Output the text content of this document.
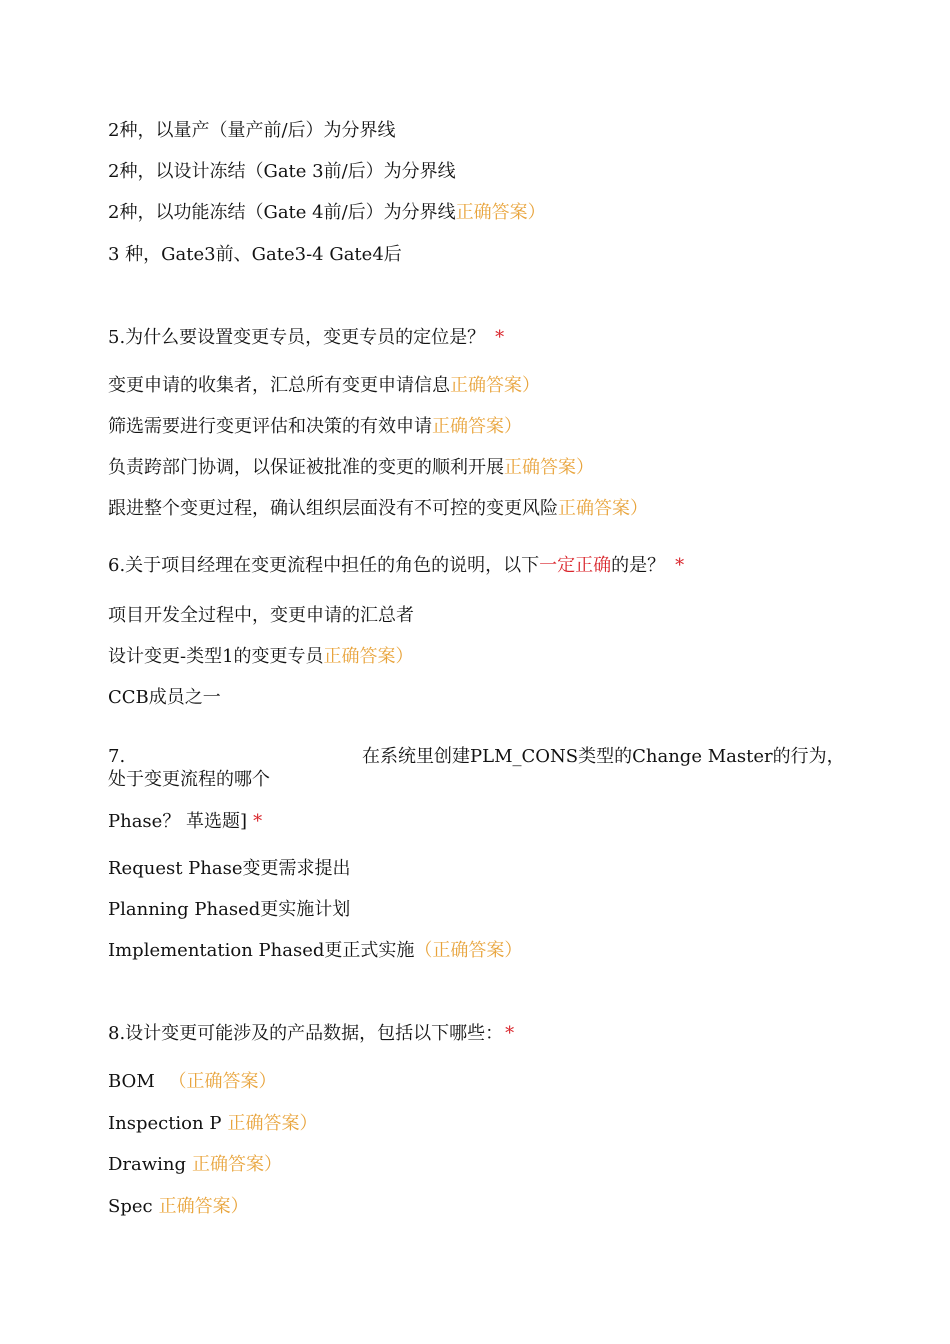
2种，以量产（量产前/后）为分界线
2种，以设计冻结（Gate 3前/后）为分界线
2种，以功能冻结（Gate 4前/后）为分界线正确答案）
3 种，Gate3前、Gate3-4 Gate4后
5.为什么要设置变更专员，变更专员的定位是？ *
变更申请的收集者，汇总所有变更申请信息正确答案）
筛选需要进行变更评估和决策的有效申请正确答案）
负责跨部门协调，以保证被批准的变更的顺利开展正确答案）
跟进整个变更过程，确认组织层面没有不可控的变更风险正确答案）
6.关于项目经理在变更流程中担任的角色的说明，以下一定正确的是？ *
项目开发全过程中，变更申请的汇总者
设计变更-类型1的变更专员正确答案）
CCB成员之一
7.	在系统里创建PLM_CONS类型的Change Master的行为，
处于变更流程的哪个
Phase？ 革选题] *
Request Phase变更需求提出
Planning Phased更实施计划
Implementation Phased更正式实施（正确答案）
8.设计变更可能涉及的产品数据，包括以下哪些： *
BOM （正确答案）
Inspection P 正确答案）
Drawing 正确答案）
Spec 正确答案）
